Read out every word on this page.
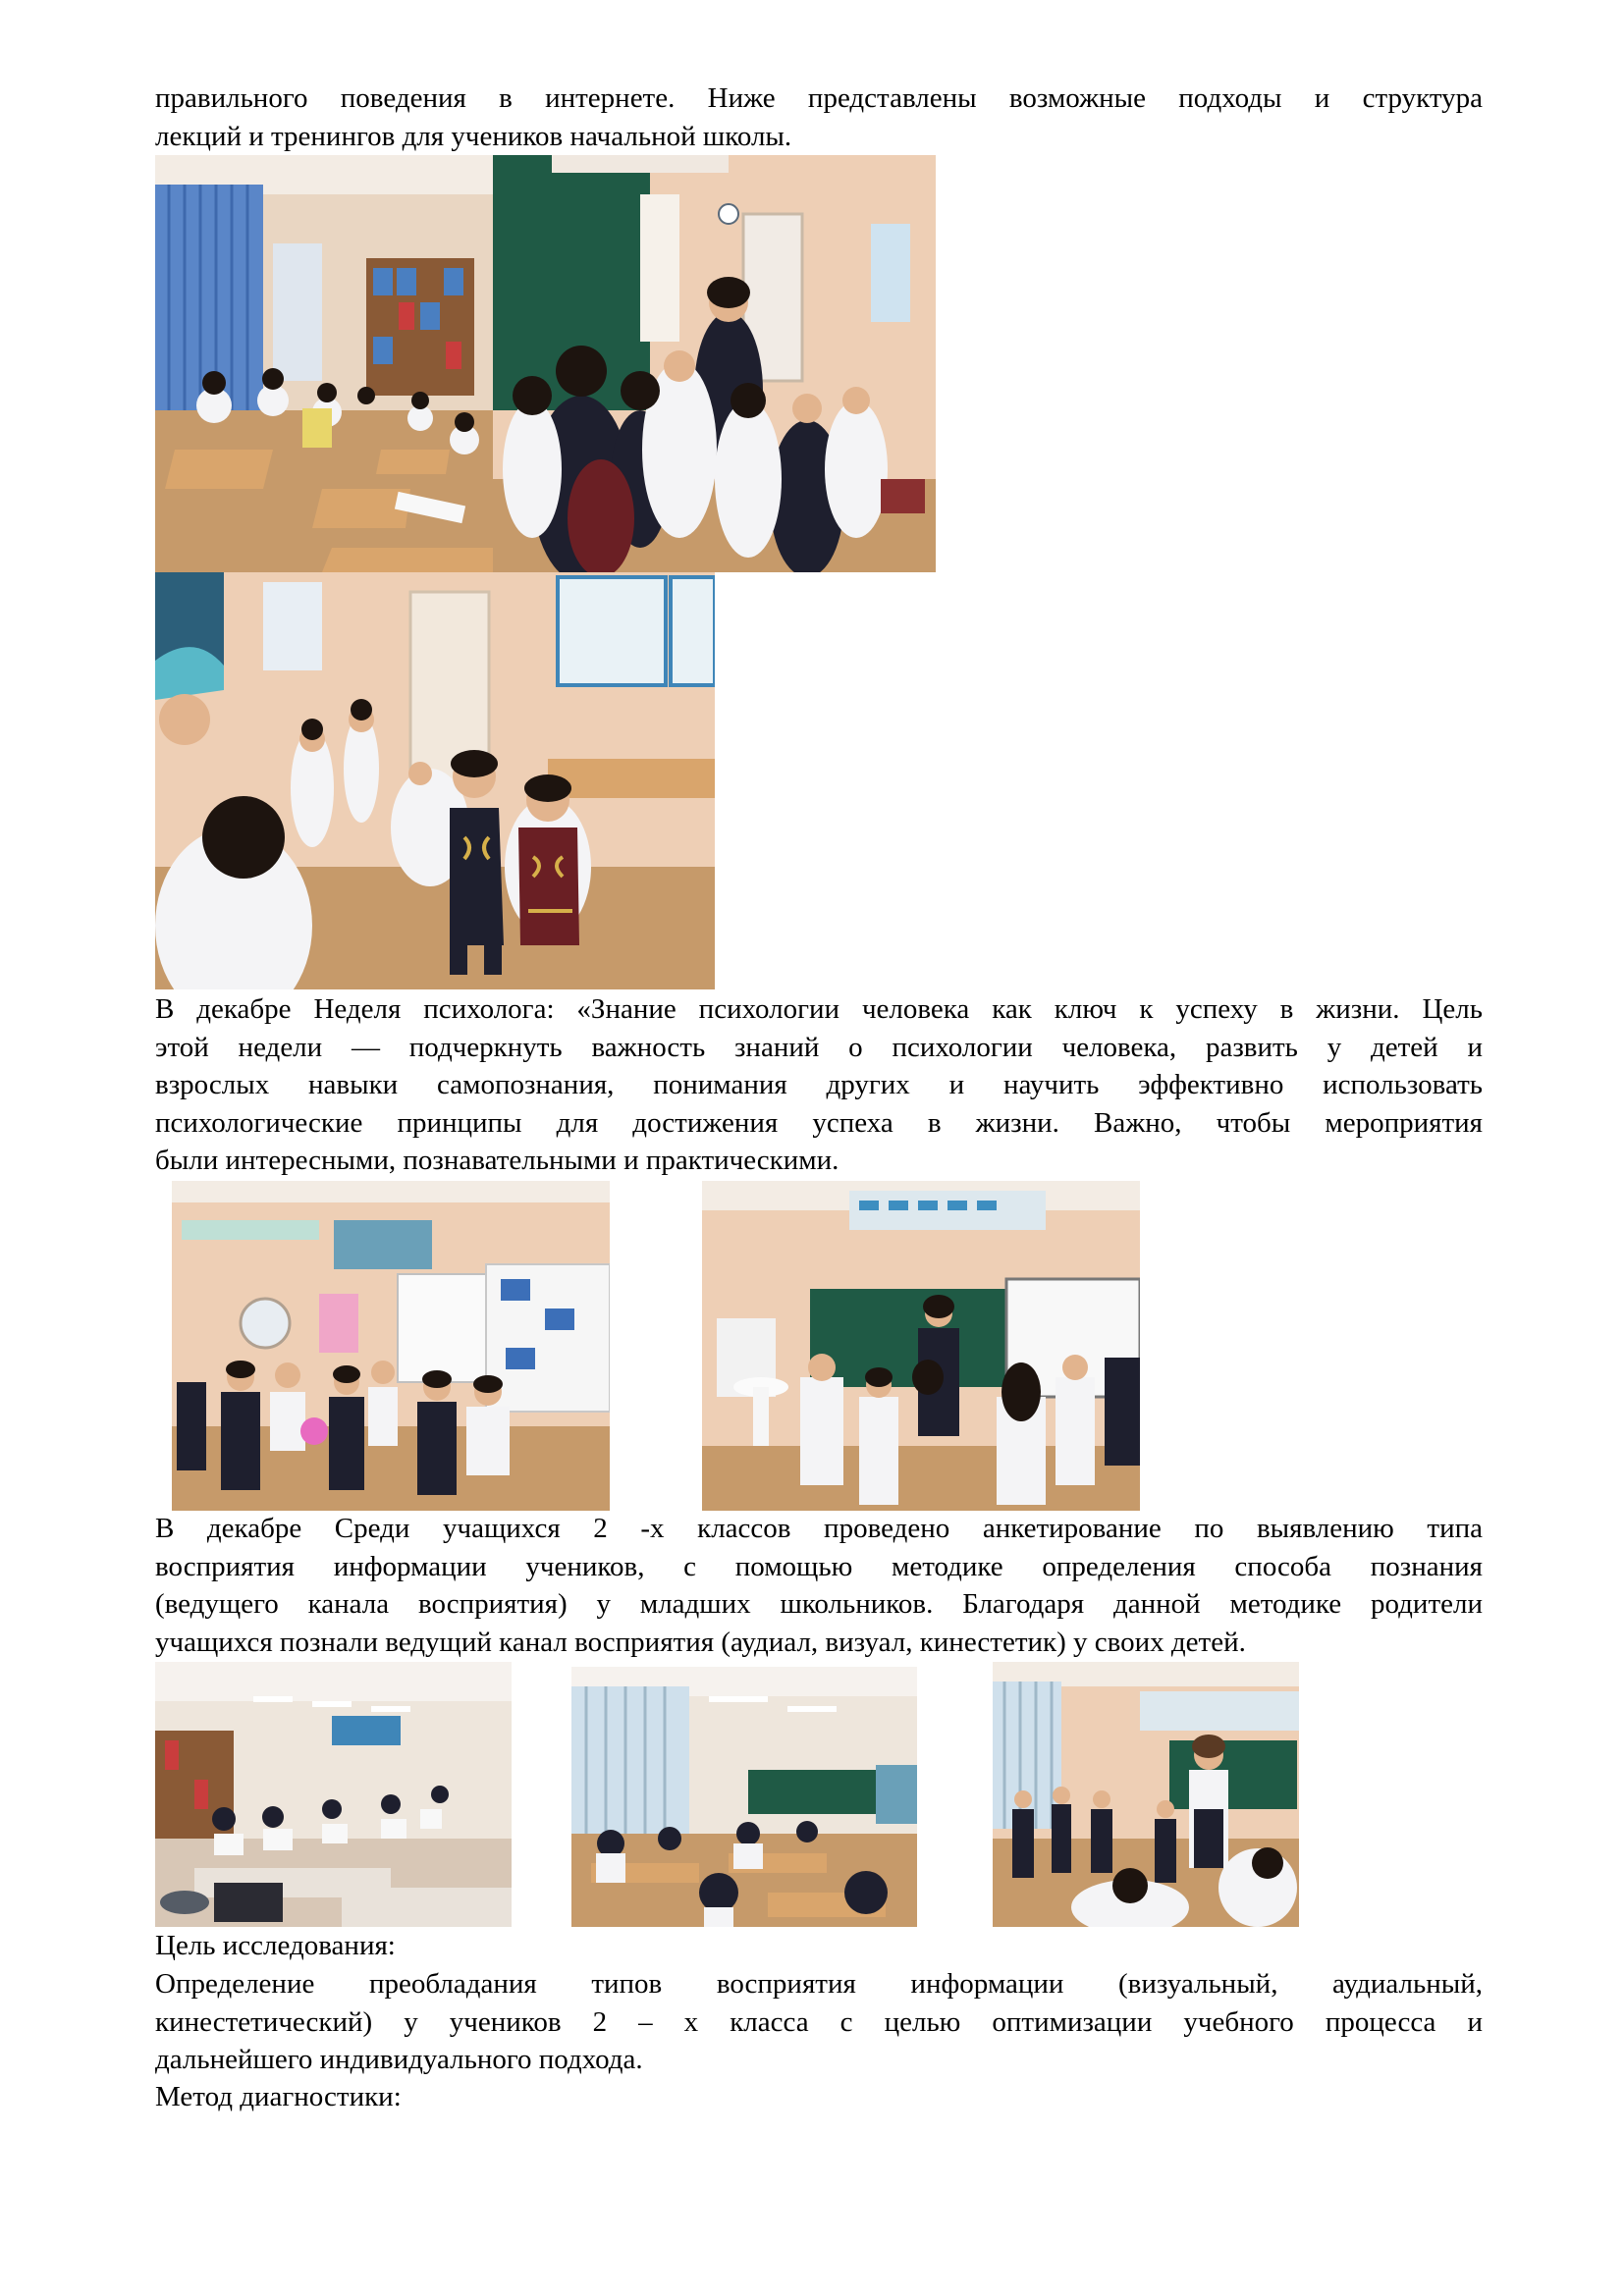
правильного поведения в интернете. Ниже представлены возможные подходы и структура
лекций и тренингов для учеников начальной школы.
В декабре Неделя психолога: «Знание психологии человека как ключ к успеху в жизни. Цель
этой недели — подчеркнуть важность знаний о психологии человека, развить у детей и
взрослых навыки самопознания, понимания других и научить эффективно использовать
психологические принципы для достижения успеха в жизни. Важно, чтобы мероприятия
были интересными, познавательными и практическими.
В декабре Среди учащихся 2 -х классов проведено анкетирование по выявлению типа
восприятия информации учеников, с помощью методике определения способа познания
(ведущего канала восприятия) у младших школьников. Благодаря данной методике родители
учащихся познали ведущий канал восприятия (аудиал, визуал, кинестетик) у своих детей.
Цель исследования:
Определение преобладания типов восприятия информации (визуальный, аудиальный,
кинестетический) у учеников 2 – х класса с целью оптимизации учебного процесса и
дальнейшего индивидуального подхода.
Метод диагностики:
